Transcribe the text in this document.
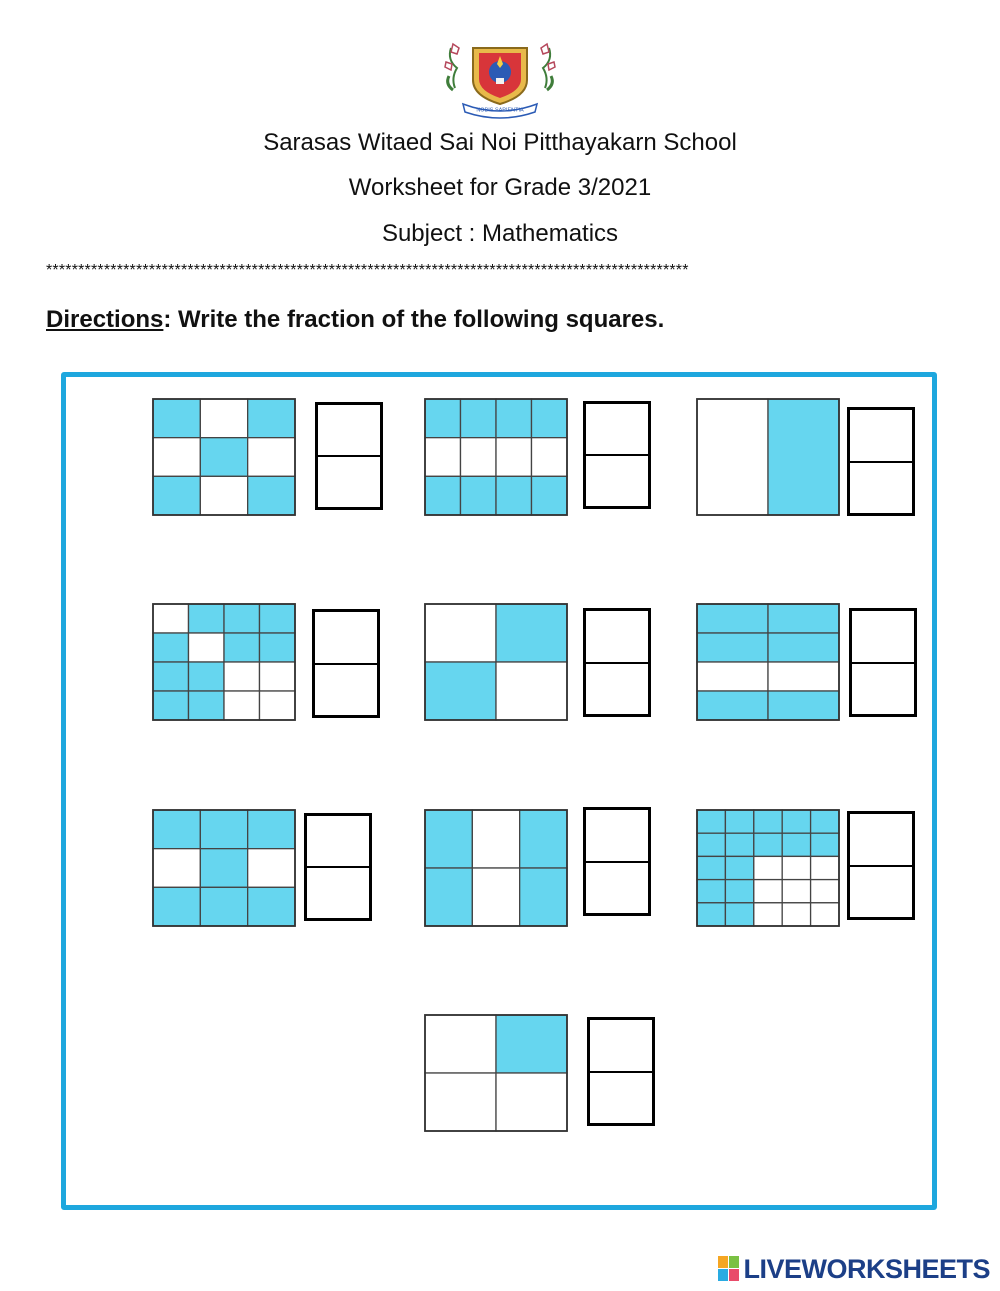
NOBIS SAPIENTIA
Sarasas Witaed Sai Noi Pitthayakarn School
Worksheet for Grade 3/2021
Subject : Mathematics
****************************************************************************************************
Directions: Write the fraction of the following squares.
LIVEWORKSHEETS
